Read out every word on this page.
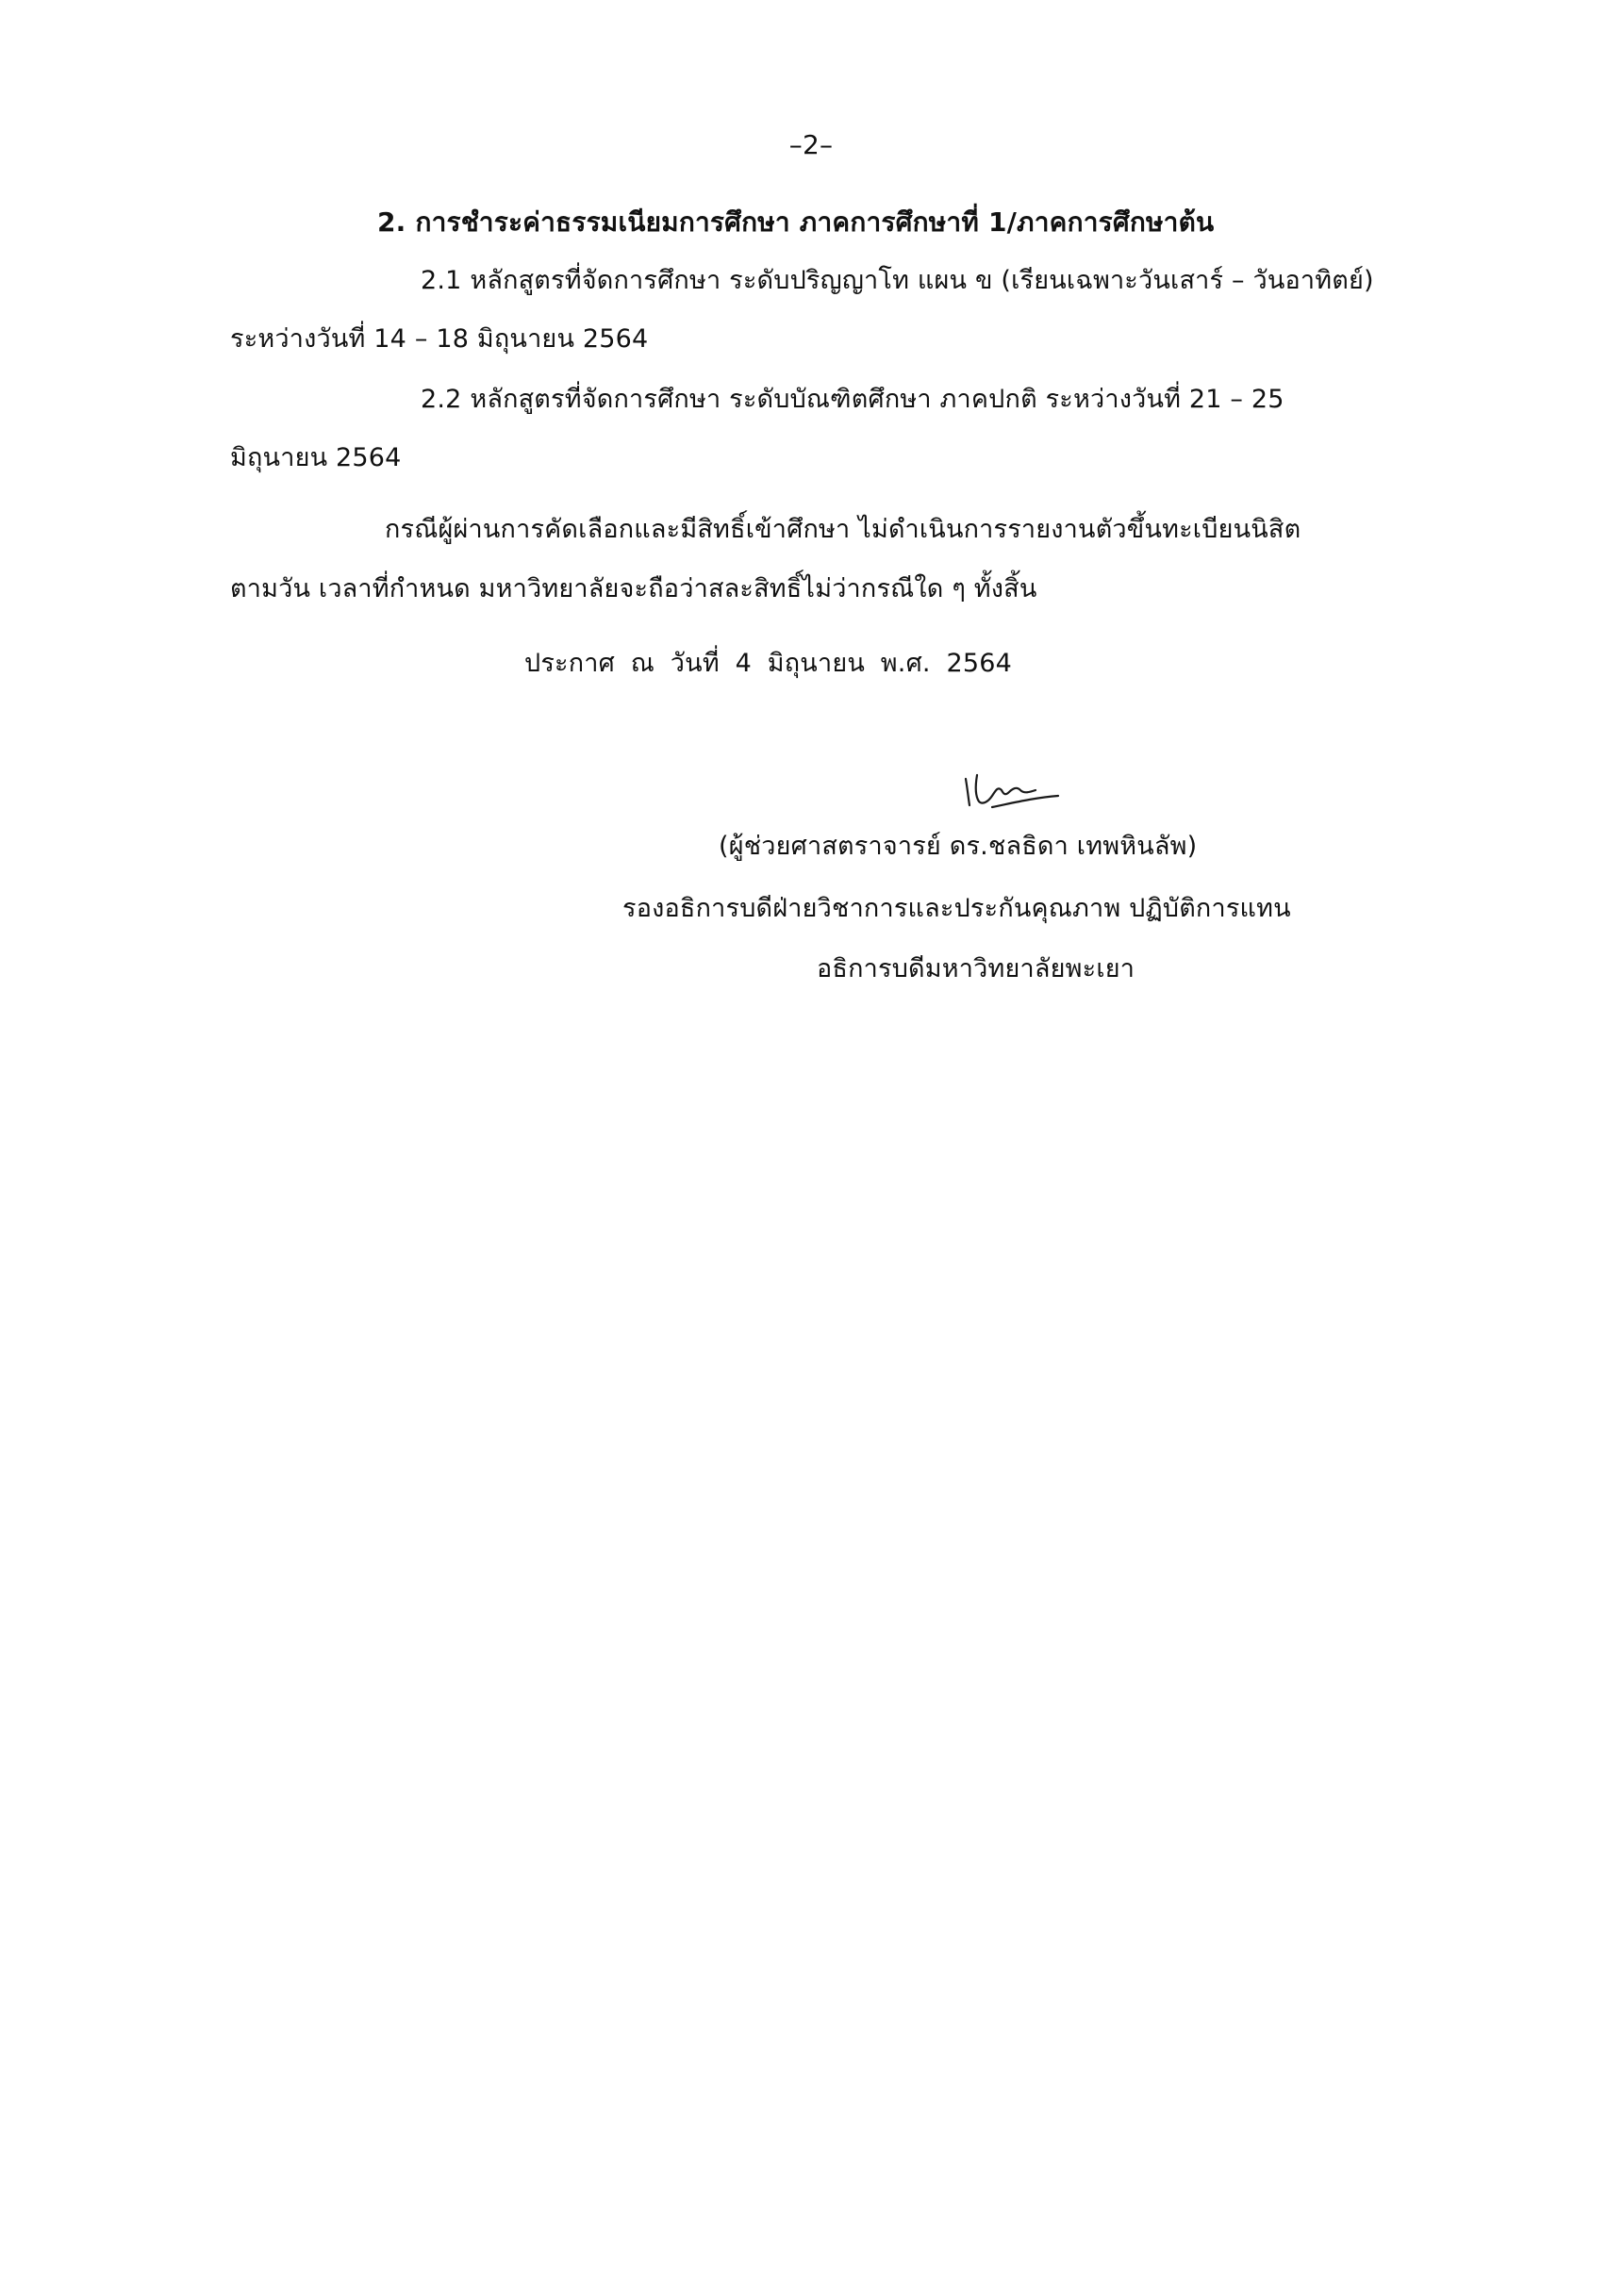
–2–
2. การชำระค่าธรรมเนียมการศึกษา ภาคการศึกษาที่ 1/ภาคการศึกษาต้น
2.1 หลักสูตรที่จัดการศึกษา ระดับปริญญาโท แผน ข (เรียนเฉพาะวันเสาร์ – วันอาทิตย์)
ระหว่างวันที่ 14 – 18 มิถุนายน 2564
2.2 หลักสูตรที่จัดการศึกษา ระดับบัณฑิตศึกษา ภาคปกติ ระหว่างวันที่ 21 – 25
มิถุนายน 2564
กรณีผู้ผ่านการคัดเลือกและมีสิทธิ์เข้าศึกษา ไม่ดำเนินการรายงานตัวขึ้นทะเบียนนิสิต
ตามวัน เวลาที่กำหนด มหาวิทยาลัยจะถือว่าสละสิทธิ์ไม่ว่ากรณีใด ๆ ทั้งสิ้น
ประกาศ ณ วันที่ 4 มิถุนายน พ.ศ. 2564
(ผู้ช่วยศาสตราจารย์ ดร.ชลธิดา เทพหินลัพ)
รองอธิการบดีฝ่ายวิชาการและประกันคุณภาพ ปฏิบัติการแทน
อธิการบดีมหาวิทยาลัยพะเยา
